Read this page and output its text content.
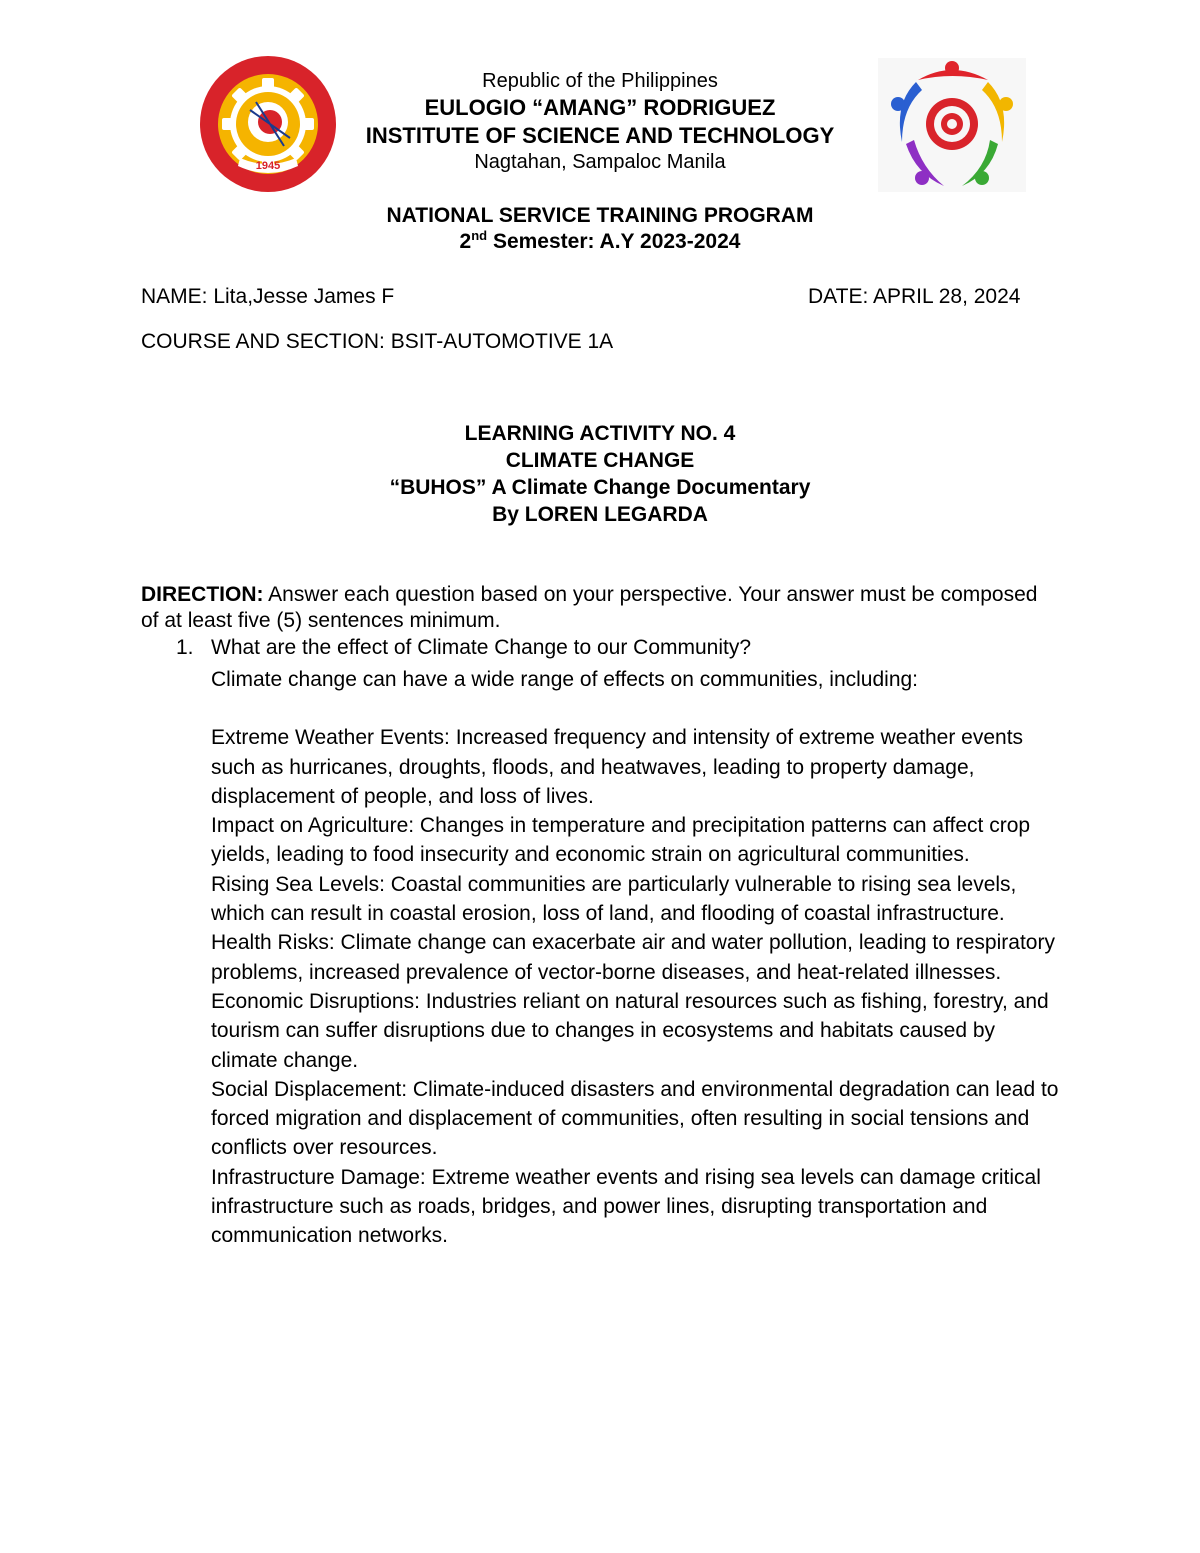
1945
Republic of the Philippines
EULOGIO “AMANG” RODRIGUEZ
INSTITUTE OF SCIENCE AND TECHNOLOGY
Nagtahan, Sampaloc Manila
NATIONAL SERVICE TRAINING PROGRAM
2nd Semester: A.Y 2023-2024
NAME: Lita,Jesse James F	DATE: APRIL 28, 2024
COURSE AND SECTION: BSIT-AUTOMOTIVE 1A
LEARNING ACTIVITY NO. 4
CLIMATE CHANGE
“BUHOS” A Climate Change Documentary
By LOREN LEGARDA
DIRECTION: Answer each question based on your perspective. Your answer must be composed of at least five (5) sentences minimum.
1. What are the effect of Climate Change to our Community?

Climate change can have a wide range of effects on communities, including:

Extreme Weather Events: Increased frequency and intensity of extreme weather events such as hurricanes, droughts, floods, and heatwaves, leading to property damage, displacement of people, and loss of lives.

Impact on Agriculture: Changes in temperature and precipitation patterns can affect crop yields, leading to food insecurity and economic strain on agricultural communities.

Rising Sea Levels: Coastal communities are particularly vulnerable to rising sea levels, which can result in coastal erosion, loss of land, and flooding of coastal infrastructure.

Health Risks: Climate change can exacerbate air and water pollution, leading to respiratory problems, increased prevalence of vector-borne diseases, and heat-related illnesses.

Economic Disruptions: Industries reliant on natural resources such as fishing, forestry, and tourism can suffer disruptions due to changes in ecosystems and habitats caused by climate change.

Social Displacement: Climate-induced disasters and environmental degradation can lead to forced migration and displacement of communities, often resulting in social tensions and conflicts over resources.

Infrastructure Damage: Extreme weather events and rising sea levels can damage critical infrastructure such as roads, bridges, and power lines, disrupting transportation and communication networks.
